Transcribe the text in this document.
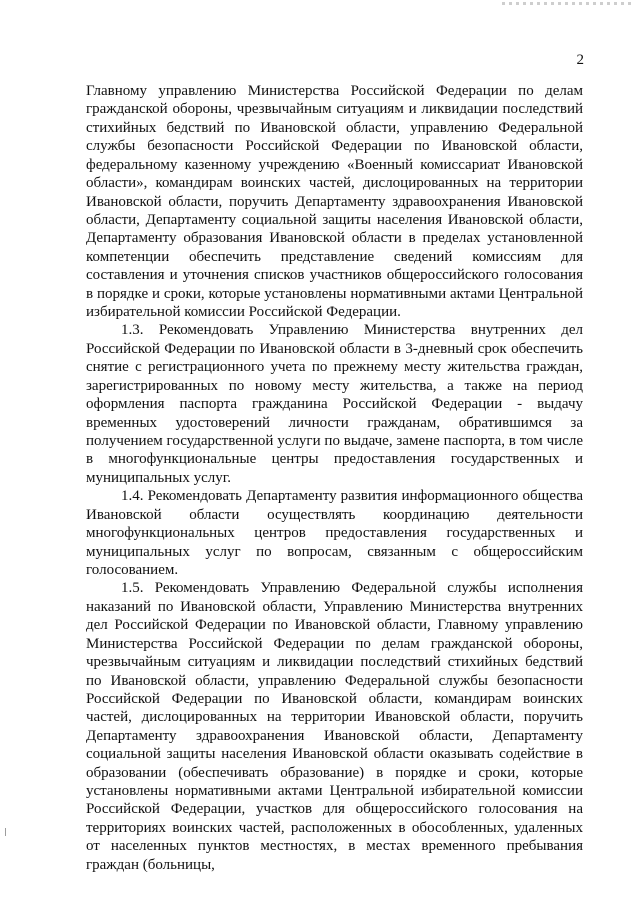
2

Главному управлению Министерства Российской Федерации по делам гражданской обороны, чрезвычайным ситуациям и ликвидации последствий стихийных бедствий по Ивановской области, управлению Федеральной службы безопасности Российской Федерации по Ивановской области, федеральному казенному учреждению «Военный комиссариат Ивановской области», командирам воинских частей, дислоцированных на территории Ивановской области, поручить Департаменту здравоохранения Ивановской области, Департаменту социальной защиты населения Ивановской области, Департаменту образования Ивановской области в пределах установленной компетенции обеспечить представление сведений комиссиям для составления и уточнения списков участников общероссийского голосования в порядке и сроки, которые установлены нормативными актами Центральной избирательной комиссии Российской Федерации.

1.3. Рекомендовать Управлению Министерства внутренних дел Российской Федерации по Ивановской области в 3-дневный срок обеспечить снятие с регистрационного учета по прежнему месту жительства граждан, зарегистрированных по новому месту жительства, а также на период оформления паспорта гражданина Российской Федерации - выдачу временных удостоверений личности гражданам, обратившимся за получением государственной услуги по выдаче, замене паспорта, в том числе в многофункциональные центры предоставления государственных и муниципальных услуг.

1.4. Рекомендовать Департаменту развития информационного общества Ивановской области осуществлять координацию деятельности многофункциональных центров предоставления государственных и муниципальных услуг по вопросам, связанным с общероссийским голосованием.

1.5. Рекомендовать Управлению Федеральной службы исполнения наказаний по Ивановской области, Управлению Министерства внутренних дел Российской Федерации по Ивановской области, Главному управлению Министерства Российской Федерации по делам гражданской обороны, чрезвычайным ситуациям и ликвидации последствий стихийных бедствий по Ивановской области, управлению Федеральной службы безопасности Российской Федерации по Ивановской области, командирам воинских частей, дислоцированных на территории Ивановской области, поручить Департаменту здравоохранения Ивановской области, Департаменту социальной защиты населения Ивановской области оказывать содействие в образовании (обеспечивать образование) в порядке и сроки, которые установлены нормативными актами Центральной избирательной комиссии Российской Федерации, участков для общероссийского голосования на территориях воинских частей, расположенных в обособленных, удаленных от населенных пунктов местностях, в местах временного пребывания граждан (больницы,
